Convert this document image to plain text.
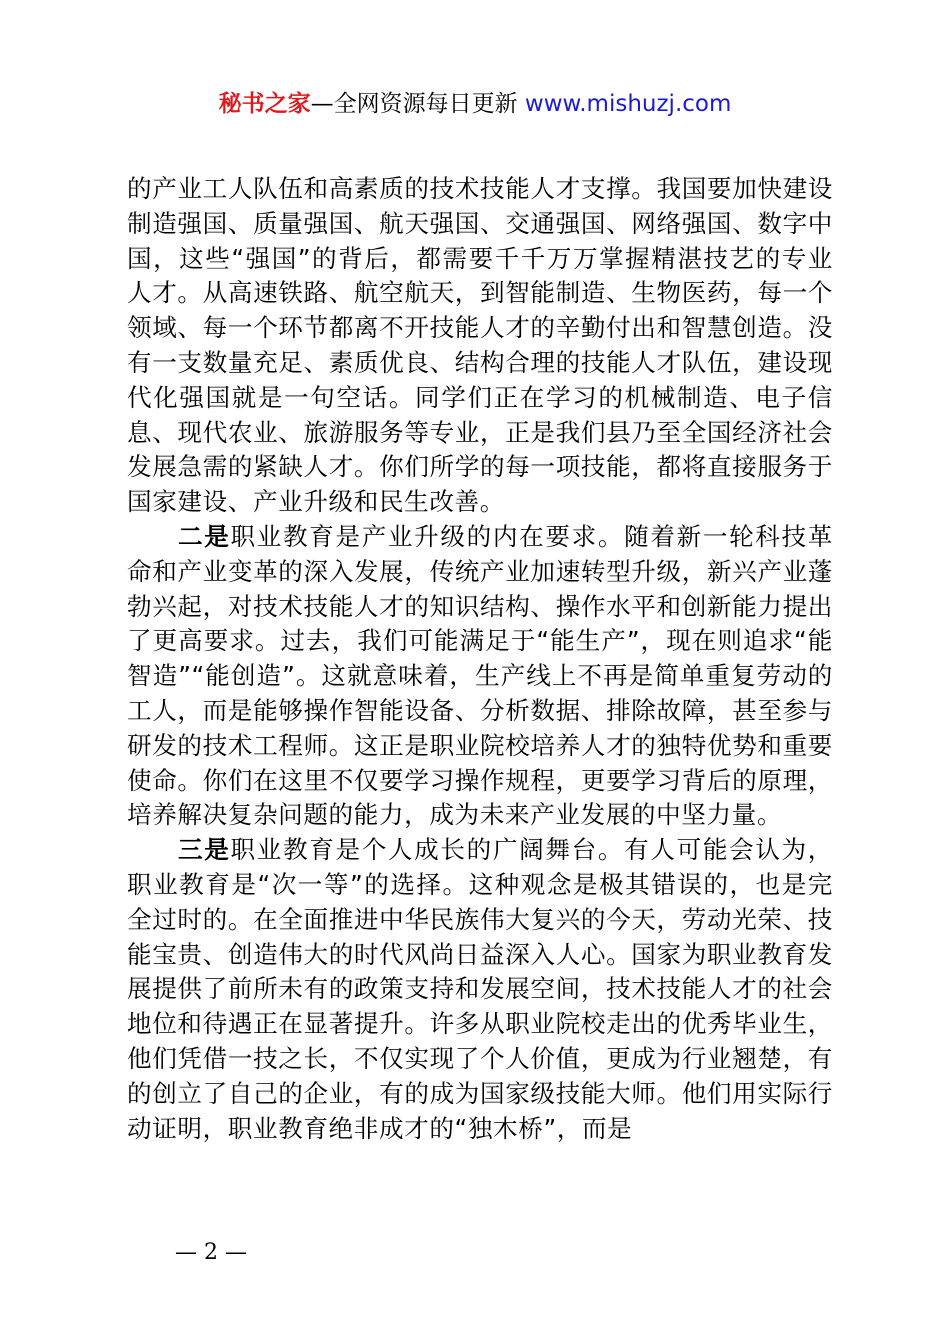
秘书之家—全网资源每日更新 www.mishuzj.com

的产业工人队伍和高素质的技术技能人才支撑。我国要加快建设制造强国、质量强国、航天强国、交通强国、网络强国、数字中国，这些“强国”的背后，都需要千千万万掌握精湛技艺的专业人才。从高速铁路、航空航天，到智能制造、生物医药，每一个领域、每一个环节都离不开技能人才的辛勤付出和智慧创造。没有一支数量充足、素质优良、结构合理的技能人才队伍，建设现代化强国就是一句空话。同学们正在学习的机械制造、电子信息、现代农业、旅游服务等专业，正是我们县乃至全国经济社会发展急需的紧缺人才。你们所学的每一项技能，都将直接服务于国家建设、产业升级和民生改善。

二是职业教育是产业升级的内在要求。随着新一轮科技革命和产业变革的深入发展，传统产业加速转型升级，新兴产业蓬勃兴起，对技术技能人才的知识结构、操作水平和创新能力提出了更高要求。过去，我们可能满足于“能生产”，现在则追求“能智造”“能创造”。这就意味着，生产线上不再是简单重复劳动的工人，而是能够操作智能设备、分析数据、排除故障，甚至参与研发的技术工程师。这正是职业院校培养人才的独特优势和重要使命。你们在这里不仅要学习操作规程，更要学习背后的原理，培养解决复杂问题的能力，成为未来产业发展的中坚力量。

三是职业教育是个人成长的广阔舞台。有人可能会认为，职业教育是“次一等”的选择。这种观念是极其错误的，也是完全过时的。在全面推进中华民族伟大复兴的今天，劳动光荣、技能宝贵、创造伟大的时代风尚日益深入人心。国家为职业教育发展提供了前所未有的政策支持和发展空间，技术技能人才的社会地位和待遇正在显著提升。许多从职业院校走出的优秀毕业生，他们凭借一技之长，不仅实现了个人价值，更成为行业翘楚，有的创立了自己的企业，有的成为国家级技能大师。他们用实际行动证明，职业教育绝非成才的“独木桥”，而是

— 2 —
